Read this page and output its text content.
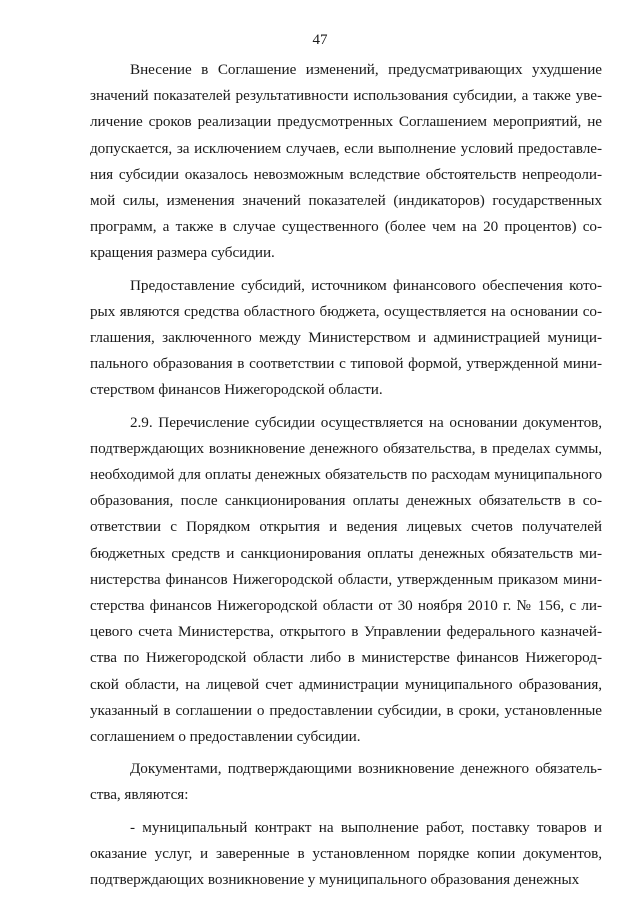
47

Внесение в Соглашение изменений, предусматривающих ухудшение значений показателей результативности использования субсидии, а также увеличение сроков реализации предусмотренных Соглашением мероприятий, не допускается, за исключением случаев, если выполнение условий предоставления субсидии оказалось невозможным вследствие обстоятельств непреодолимой силы, изменения значений показателей (индикаторов) государственных программ, а также в случае существенного (более чем на 20 процентов) сокращения размера субсидии.

Предоставление субсидий, источником финансового обеспечения которых являются средства областного бюджета, осуществляется на основании соглашения, заключенного между Министерством и администрацией муниципального образования в соответствии с типовой формой, утвержденной министерством финансов Нижегородской области.

2.9. Перечисление субсидии осуществляется на основании документов, подтверждающих возникновение денежного обязательства, в пределах суммы, необходимой для оплаты денежных обязательств по расходам муниципального образования, после санкционирования оплаты денежных обязательств в соответствии с Порядком открытия и ведения лицевых счетов получателей бюджетных средств и санкционирования оплаты денежных обязательств министерства финансов Нижегородской области, утвержденным приказом министерства финансов Нижегородской области от 30 ноября 2010 г. № 156, с лицевого счета Министерства, открытого в Управлении федерального казначейства по Нижегородской области либо в министерстве финансов Нижегородской области, на лицевой счет администрации муниципального образования, указанный в соглашении о предоставлении субсидии, в сроки, установленные соглашением о предоставлении субсидии.

Документами, подтверждающими возникновение денежного обязательства, являются:

- муниципальный контракт на выполнение работ, поставку товаров и оказание услуг, и заверенные в установленном порядке копии документов, подтверждающих возникновение у муниципального образования денежных
